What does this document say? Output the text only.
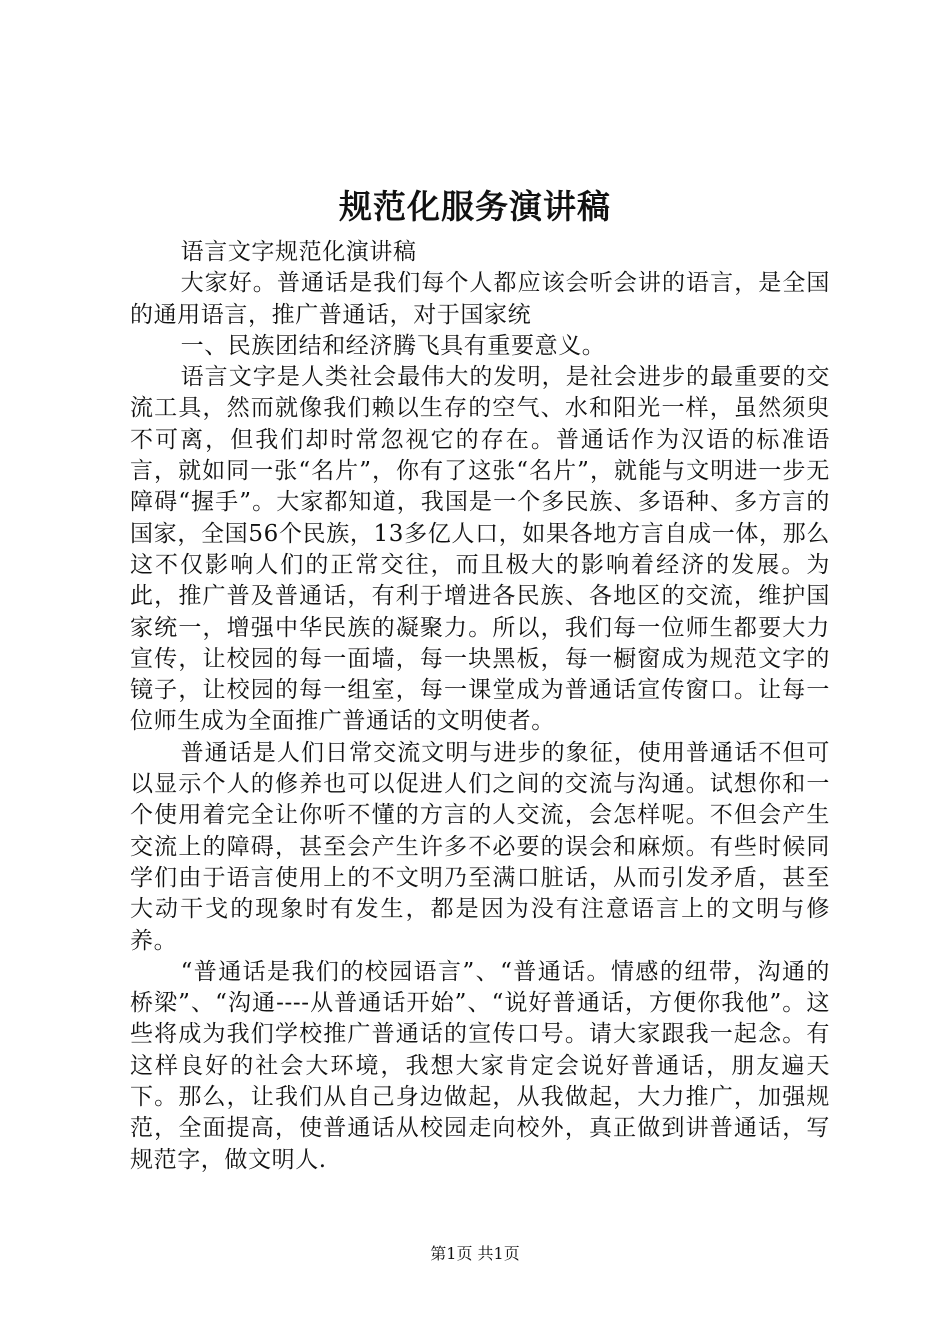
规范化服务演讲稿

语言文字规范化演讲稿

大家好。普通话是我们每个人都应该会听会讲的语言，是全国的通用语言，推广普通话，对于国家统

一、民族团结和经济腾飞具有重要意义。

语言文字是人类社会最伟大的发明，是社会进步的最重要的交流工具，然而就像我们赖以生存的空气、水和阳光一样，虽然须臾不可离，但我们却时常忽视它的存在。普通话作为汉语的标准语言，就如同一张“名片”，你有了这张“名片”，就能与文明进一步无障碍“握手”。大家都知道，我国是一个多民族、多语种、多方言的国家，全国56个民族，13多亿人口，如果各地方言自成一体，那么这不仅影响人们的正常交往，而且极大的影响着经济的发展。为此，推广普及普通话，有利于增进各民族、各地区的交流，维护国家统一，增强中华民族的凝聚力。所以，我们每一位师生都要大力宣传，让校园的每一面墙，每一块黑板，每一橱窗成为规范文字的镜子，让校园的每一组室，每一课堂成为普通话宣传窗口。让每一位师生成为全面推广普通话的文明使者。

普通话是人们日常交流文明与进步的象征，使用普通话不但可以显示个人的修养也可以促进人们之间的交流与沟通。试想你和一个使用着完全让你听不懂的方言的人交流，会怎样呢。不但会产生交流上的障碍，甚至会产生许多不必要的误会和麻烦。有些时候同学们由于语言使用上的不文明乃至满口脏话，从而引发矛盾，甚至大动干戈的现象时有发生，都是因为没有注意语言上的文明与修养。

“普通话是我们的校园语言”、“普通话。情感的纽带，沟通的桥梁”、“沟通----从普通话开始”、“说好普通话，方便你我他”。这些将成为我们学校推广普通话的宣传口号。请大家跟我一起念。有这样良好的社会大环境，我想大家肯定会说好普通话，朋友遍天下。那么，让我们从自己身边做起，从我做起，大力推广，加强规范，全面提高，使普通话从校园走向校外，真正做到讲普通话，写规范字，做文明人.

第1页 共1页
